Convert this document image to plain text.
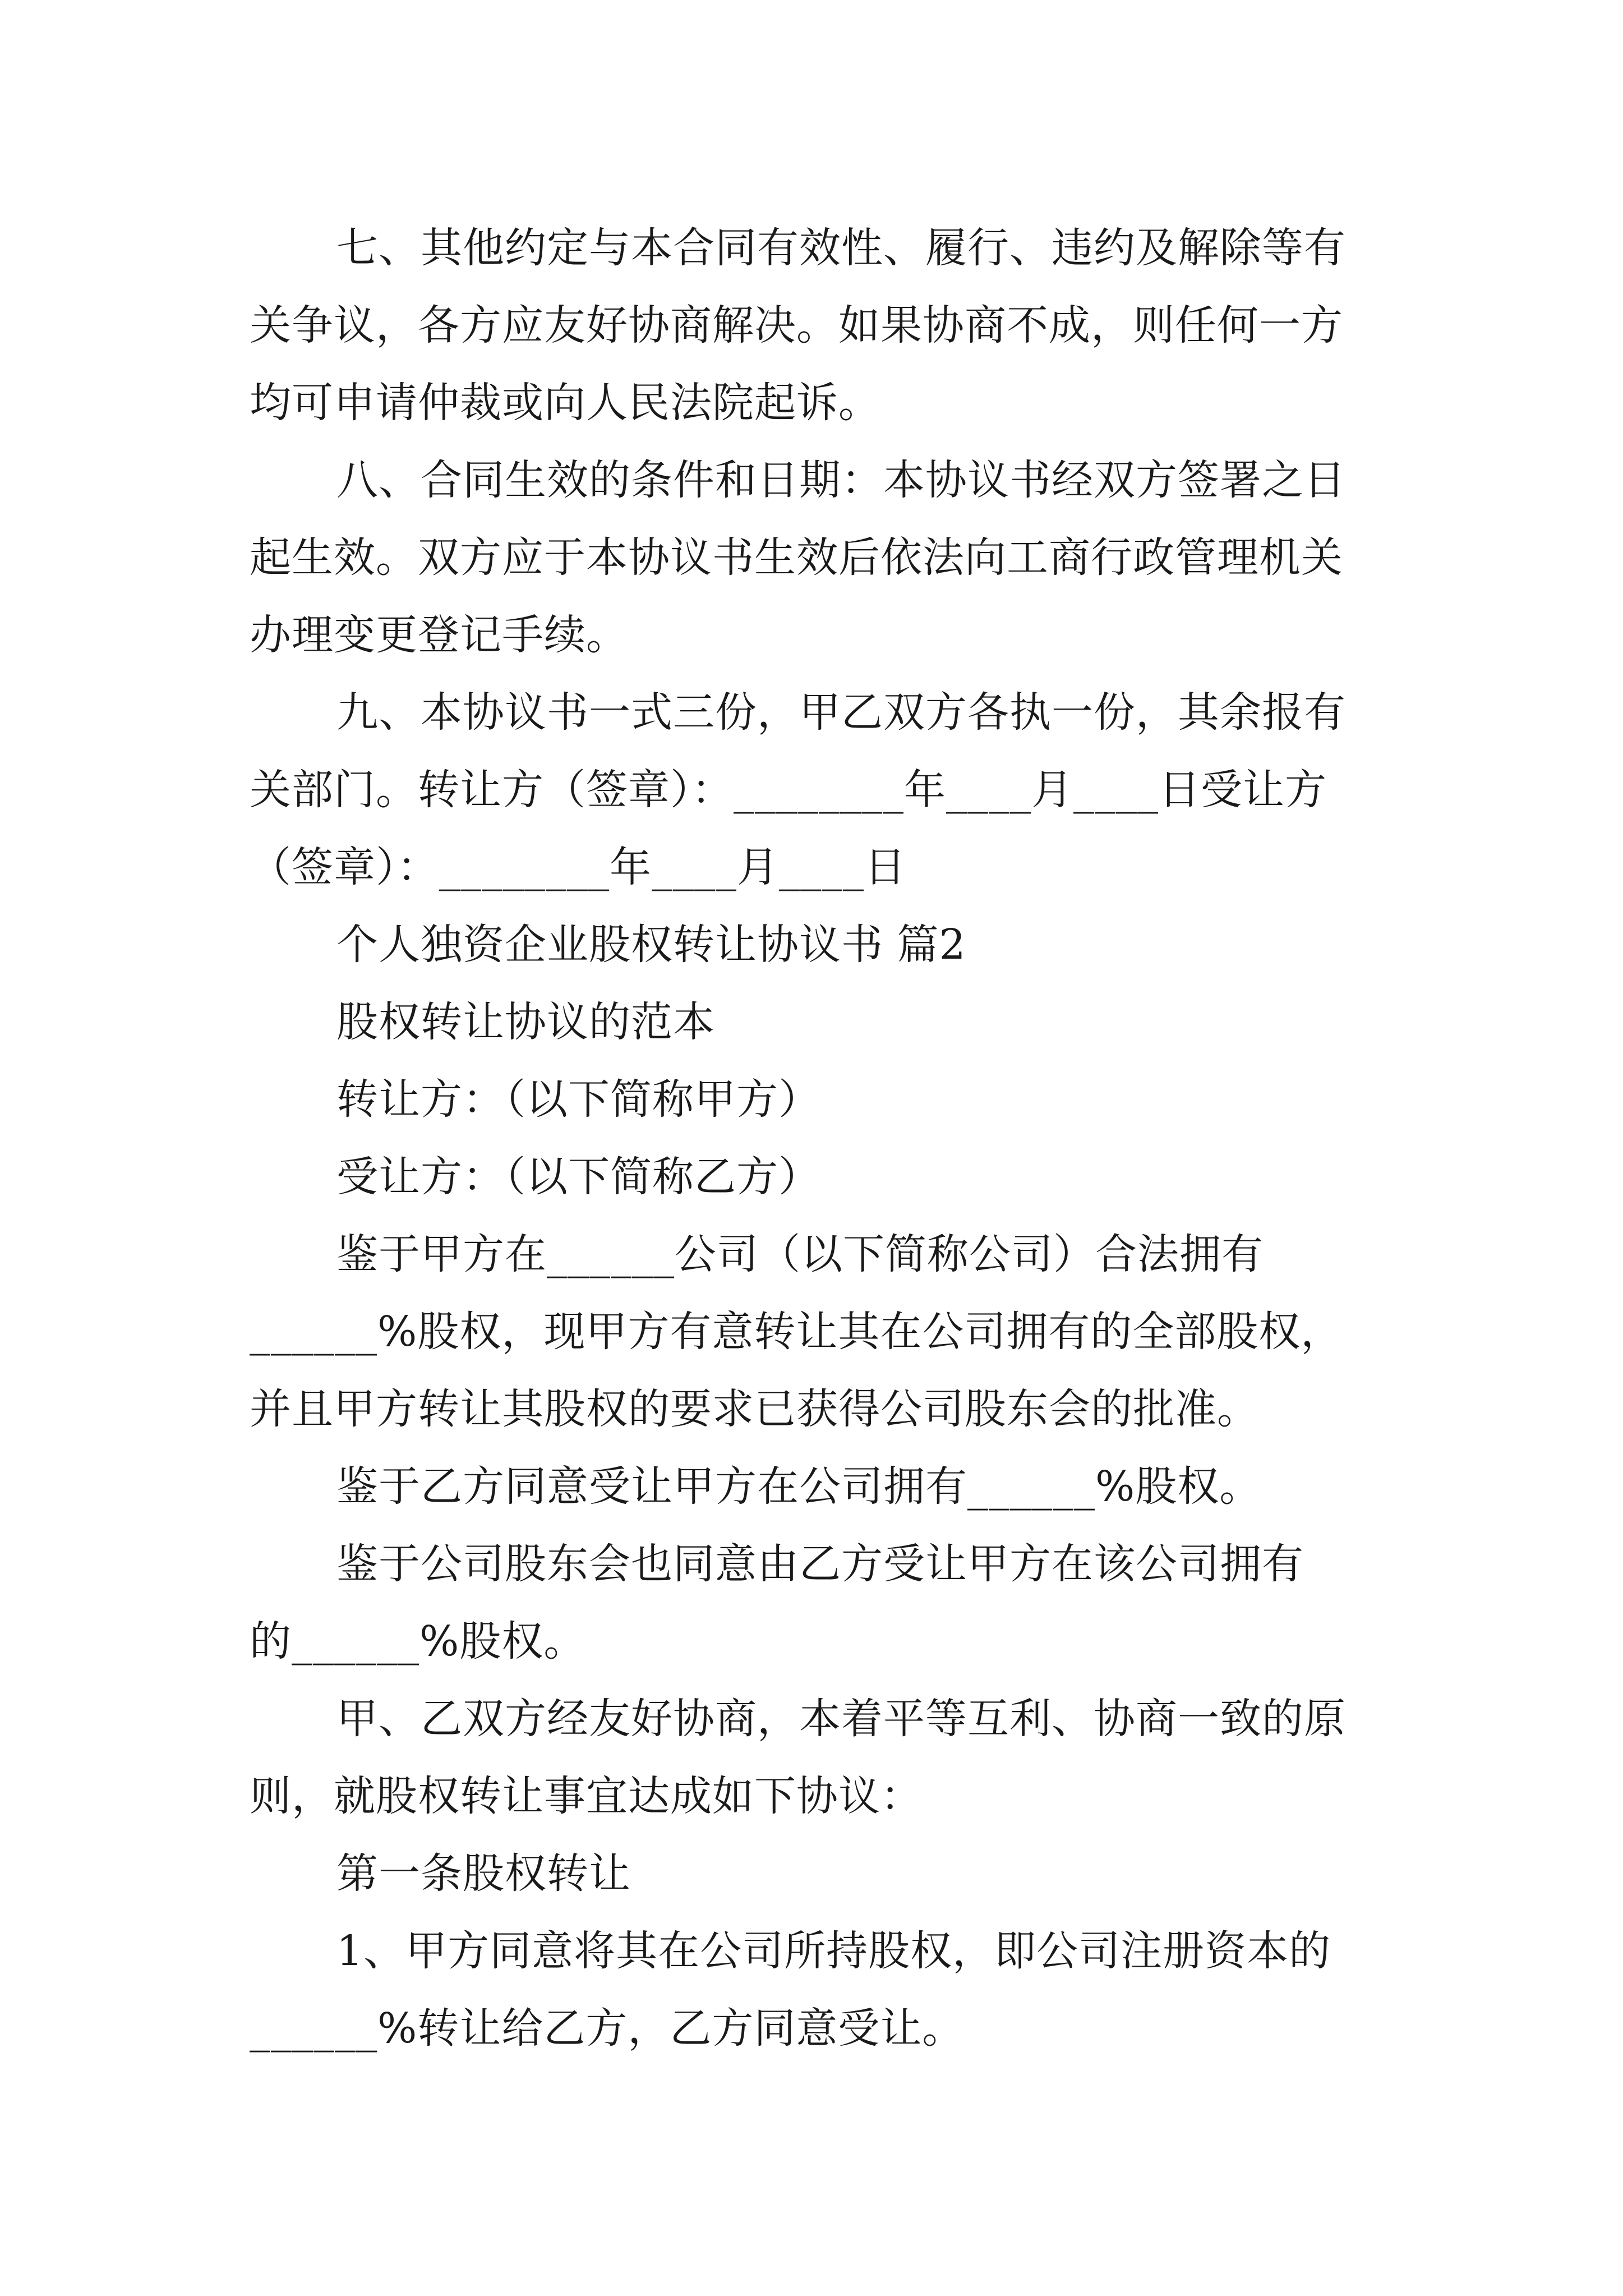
七、其他约定与本合同有效性、履行、违约及解除等有
关争议，各方应友好协商解决。如果协商不成，则任何一方
均可申请仲裁或向人民法院起诉。
八、合同生效的条件和日期：本协议书经双方签署之日
起生效。双方应于本协议书生效后依法向工商行政管理机关
办理变更登记手续。
九、本协议书一式三份，甲乙双方各执一份，其余报有
关部门。转让方（签章）：________年____月____日受让方
（签章）：________年____月____日
个人独资企业股权转让协议书 篇2
股权转让协议的范本
转让方：（以下简称甲方）
受让方：（以下简称乙方）
鉴于甲方在______公司（以下简称公司）合法拥有
______%股权，现甲方有意转让其在公司拥有的全部股权，
并且甲方转让其股权的要求已获得公司股东会的批准。
鉴于乙方同意受让甲方在公司拥有______%股权。
鉴于公司股东会也同意由乙方受让甲方在该公司拥有
的______%股权。
甲、乙双方经友好协商，本着平等互利、协商一致的原
则，就股权转让事宜达成如下协议：
第一条股权转让
1、甲方同意将其在公司所持股权，即公司注册资本的
______%转让给乙方，乙方同意受让。
